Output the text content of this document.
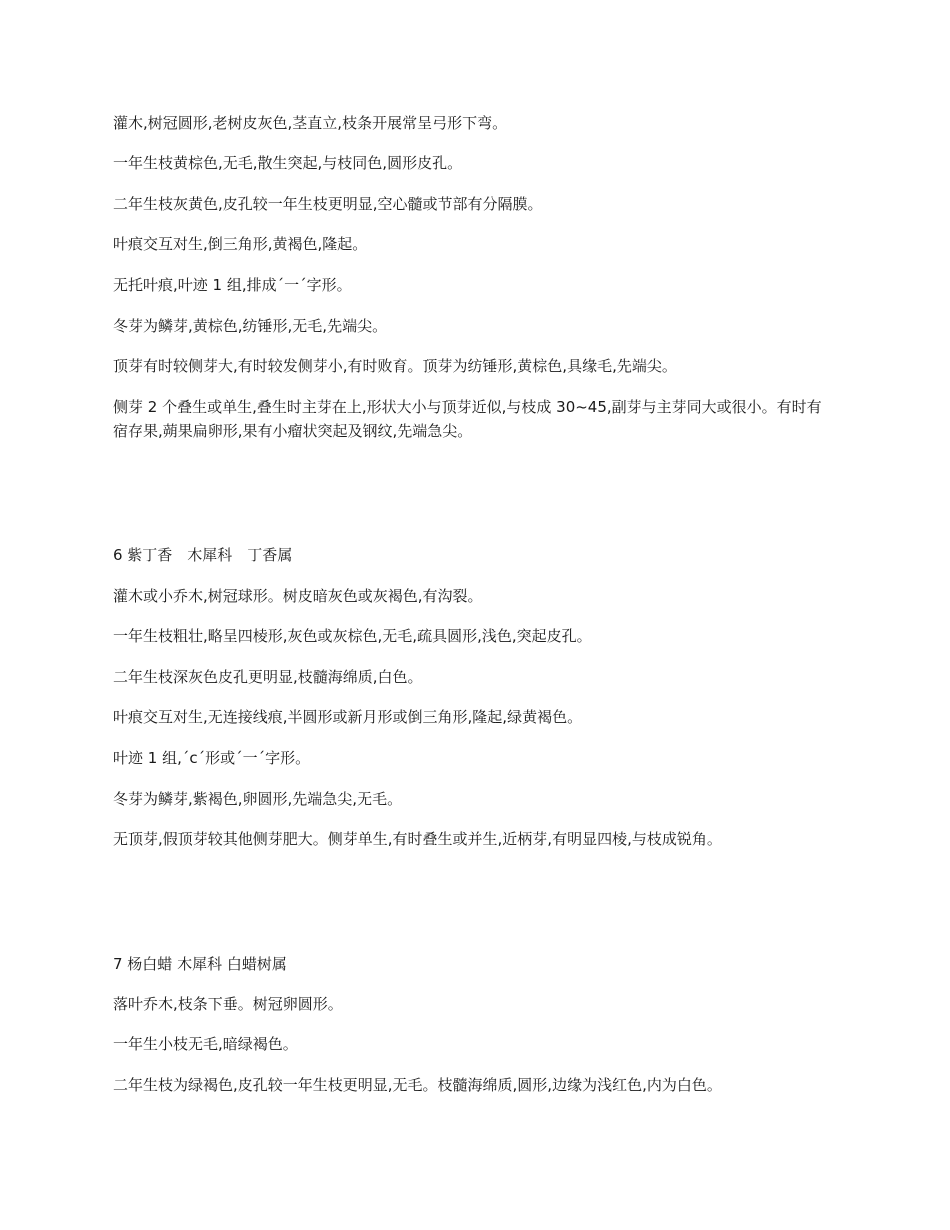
灌木,树冠圆形,老树皮灰色,茎直立,枝条开展常呈弓形下弯。

一年生枝黄棕色,无毛,散生突起,与枝同色,圆形皮孔。

二年生枝灰黄色,皮孔较一年生枝更明显,空心髓或节部有分隔膜。

叶痕交互对生,倒三角形,黄褐色,隆起。

无托叶痕,叶迹 1 组,排成΄一΄字形。

冬芽为鳞芽,黄棕色,纺锤形,无毛,先端尖。

顶芽有时较侧芽大,有时较发侧芽小,有时败育。顶芽为纺锤形,黄棕色,具缘毛,先端尖。

侧芽 2 个叠生或单生,叠生时主芽在上,形状大小与顶芽近似,与枝成 30~45,副芽与主芽同大或很小。有时有宿存果,蒴果扁卵形,果有小瘤状突起及钢纹,先端急尖。

6 紫丁香　木犀科　丁香属

灌木或小乔木,树冠球形。树皮暗灰色或灰褐色,有沟裂。

一年生枝粗壮,略呈四棱形,灰色或灰棕色,无毛,疏具圆形,浅色,突起皮孔。

二年生枝深灰色皮孔更明显,枝髓海绵质,白色。

叶痕交互对生,无连接线痕,半圆形或新月形或倒三角形,隆起,绿黄褐色。

叶迹 1 组,΄c΄形或΄一΄字形。

冬芽为鳞芽,紫褐色,卵圆形,先端急尖,无毛。

无顶芽,假顶芽较其他侧芽肥大。侧芽单生,有时叠生或并生,近柄芽,有明显四棱,与枝成锐角。

7 杨白蜡 木犀科 白蜡树属

落叶乔木,枝条下垂。树冠卵圆形。

一年生小枝无毛,暗绿褐色。

二年生枝为绿褐色,皮孔较一年生枝更明显,无毛。枝髓海绵质,圆形,边缘为浅红色,内为白色。
